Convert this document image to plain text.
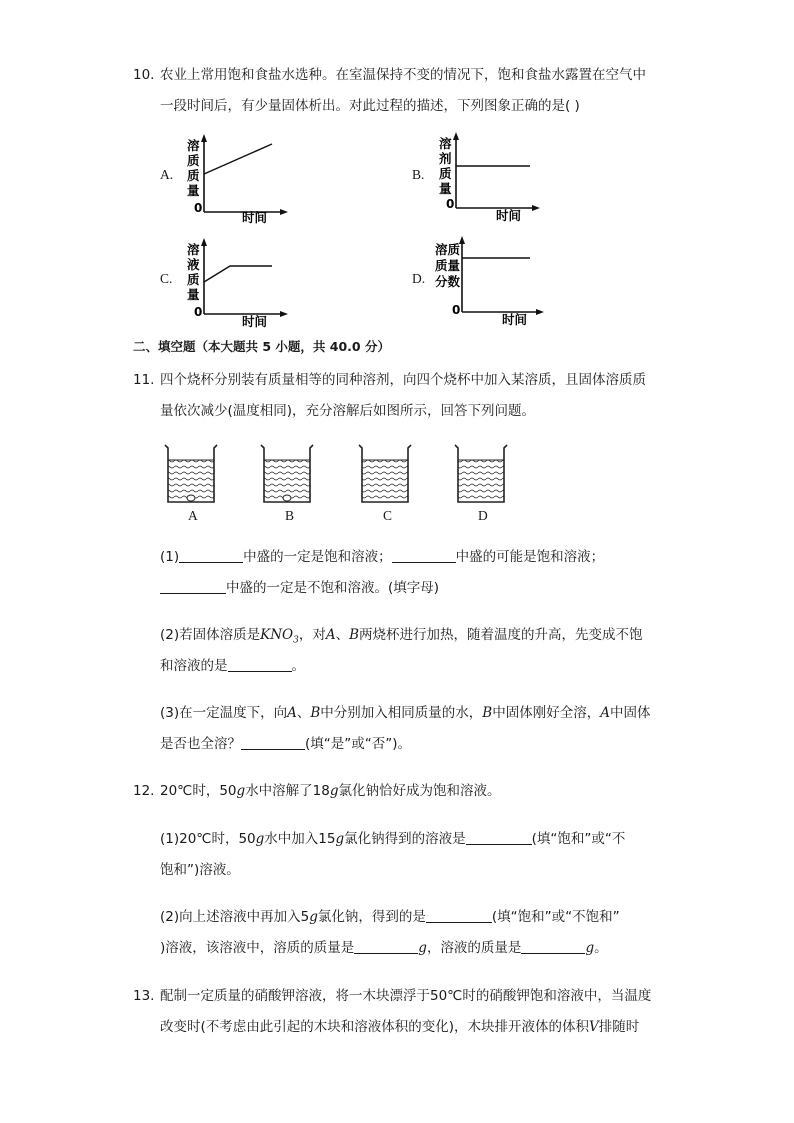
10. 农业上常用饱和食盐水选种。在室温保持不变的情况下，饱和食盐水露置在空气中
一段时间后，有少量固体析出。对此过程的描述，下列图象正确的是( )
A.
溶
质
质
量
0
时间
B.
溶
剂
质
量
0
时间
C.
溶
液
质
量
0
时间
D.
溶质
质量
分数
0
时间
二、填空题（本大题共 5 小题，共 40.0 分）
11. 四个烧杯分别装有质量相等的同种溶剂，向四个烧杯中加入某溶质，且固体溶质质
量依次减少(温度相同)，充分溶解后如图所示，回答下列问题。
A	B	C	D
(1)	中盛的一定是饱和溶液；	中盛的可能是饱和溶液；
中盛的一定是不饱和溶液。(填字母)
(2)若固体溶质是$KNO_3$，对A、B两烧杯进行加热，随着温度的升高，先变成不饱
和溶液的是	。
(3)在一定温度下，向A、B中分别加入相同质量的水，B中固体刚好全溶，A中固体
是否也全溶？	(填“是”或“否”)。
12. 20℃时，50g水中溶解了18g氯化钠恰好成为饱和溶液。
(1)20℃时，50g水中加入15g氯化钠得到的溶液是	(填“饱和”或“不
饱和”)溶液。
(2)向上述溶液中再加入5g氯化钠，得到的是	(填“饱和”或“不饱和”
)溶液，该溶液中，溶质的质量是	g，溶液的质量是	g。
13. 配制一定质量的硝酸钾溶液，将一木块漂浮于50℃时的硝酸钾饱和溶液中，当温度
改变时(不考虑由此引起的木块和溶液体积的变化)，木块排开液体的体积V排随时
